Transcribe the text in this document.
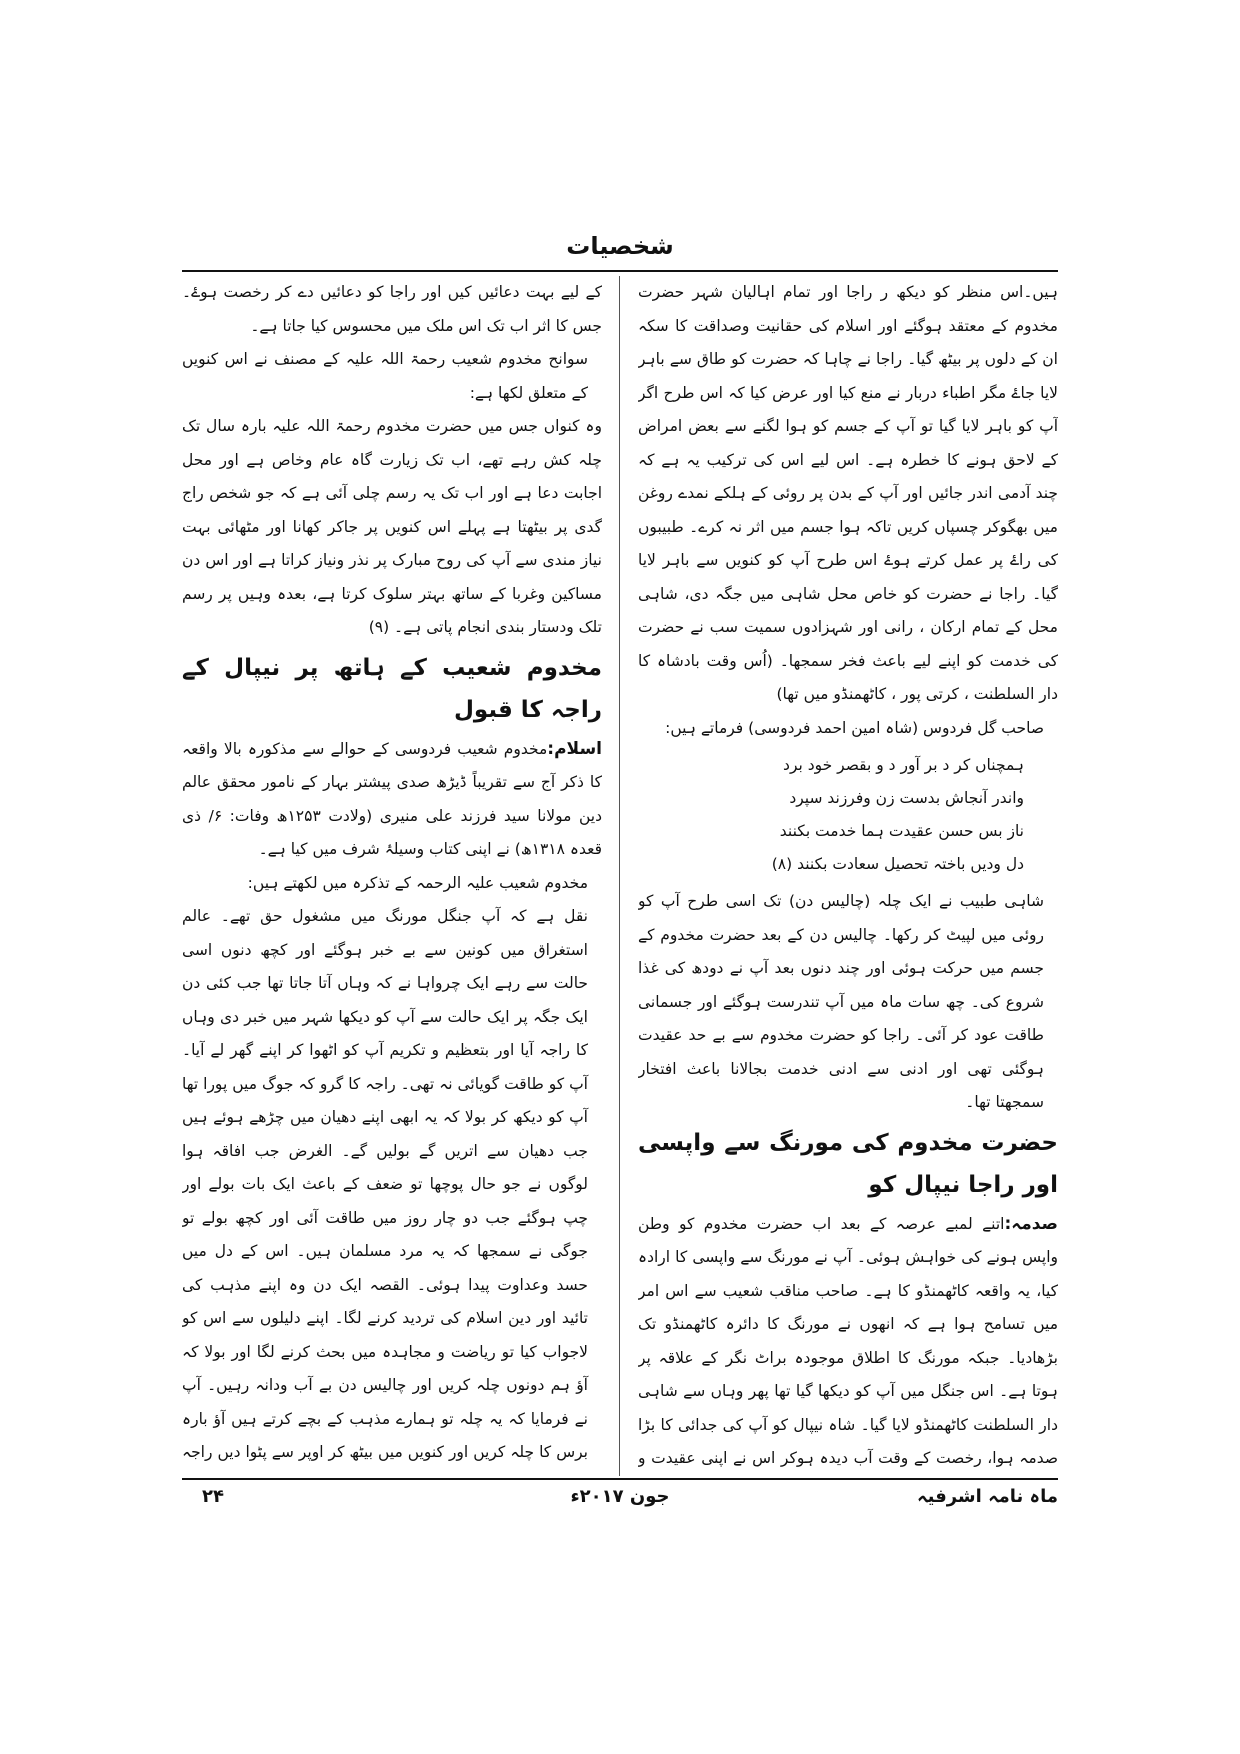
شخصیات

ہیں۔اس منظر کو دیکھ ر راجا اور تمام اہالیان شہر حضرت مخدوم کے معتقد ہوگئے اور اسلام کی حقانیت وصداقت کا سکہ ان کے دلوں پر بیٹھ گیا۔ راجا نے چاہا کہ حضرت کو طاق سے باہر لایا جاۓ مگر اطباء دربار نے منع کیا اور عرض کیا کہ اس طرح اگر آپ کو باہر لایا گیا تو آپ کے جسم کو ہوا لگنے سے بعض امراض کے لاحق ہونے کا خطرہ ہے۔ اس لیے اس کی ترکیب یہ ہے کہ چند آدمی اندر جائیں اور آپ کے بدن پر روئی کے ہلکے نمدے روغن میں بھگوکر چسپاں کریں تاکہ ہوا جسم میں اثر نہ کرے۔ طبیبوں کی راۓ پر عمل کرتے ہوۓ اس طرح آپ کو کنویں سے باہر لایا گیا۔ راجا نے حضرت کو خاص محل شاہی میں جگہ دی، شاہی محل کے تمام ارکان ، رانی اور شہزادوں سمیت سب نے حضرت کی خدمت کو اپنے لیے باعث فخر سمجھا۔ (اُس وقت بادشاہ کا دار السلطنت ، کرتی پور ، کاٹھمنڈو میں تھا)

صاحب گل فردوس (شاہ امین احمد فردوسی) فرماتے ہیں:

ہمچناں کر د بر آور د و بقصر خود برد

واندر آنجاش بدست زن وفرزند سپرد

ناز بس حسن عقیدت ہما خدمت بکنند

دل ودیں باختہ تحصیل سعادت بکنند (۸)

شاہی طبیب نے ایک چلہ (چالیس دن) تک اسی طرح آپ کو روئی میں لپیٹ کر رکھا۔ چالیس دن کے بعد حضرت مخدوم کے جسم میں حرکت ہوئی اور چند دنوں بعد آپ نے دودھ کی غذا شروع کی۔ چھ سات ماہ میں آپ تندرست ہوگئے اور جسمانی طاقت عود کر آئی۔ راجا کو حضرت مخدوم سے بے حد عقیدت ہوگئی تھی اور ادنی سے ادنی خدمت بجالانا باعث افتخار سمجھتا تھا۔

حضرت مخدوم کی مورنگ سے واپسی اور راجا نیپال کو

صدمہ:اتنے لمبے عرصہ کے بعد اب حضرت مخدوم کو وطن واپس ہونے کی خواہش ہوئی۔ آپ نے مورنگ سے واپسی کا ارادہ کیا، یہ واقعہ کاٹھمنڈو کا ہے۔ صاحب مناقب شعیب سے اس امر میں تسامح ہوا ہے کہ انھوں نے مورنگ کا دائرہ کاٹھمنڈو تک بڑھادیا۔ جبکہ مورنگ کا اطلاق موجودہ براٹ نگر کے علاقہ پر ہوتا ہے۔ اس جنگل میں آپ کو دیکھا گیا تھا پھر وہاں سے شاہی دار السلطنت کاٹھمنڈو لایا گیا۔ شاہ نیپال کو آپ کی جدائی کا بڑا صدمہ ہوا، رخصت کے وقت آب دیدہ ہوکر اس نے اپنی عقیدت و

کے لیے بہت دعائیں کیں اور راجا کو دعائیں دے کر رخصت ہوۓ۔ جس کا اثر اب تک اس ملک میں محسوس کیا جاتا ہے۔

سوانح مخدوم شعیب رحمۃ اللہ علیہ کے مصنف نے اس کنویں کے متعلق لکھا ہے:

وہ کنواں جس میں حضرت مخدوم رحمۃ اللہ علیہ بارہ سال تک چلہ کش رہے تھے، اب تک زیارت گاہ عام وخاص ہے اور محل اجابت دعا ہے اور اب تک یہ رسم چلی آئی ہے کہ جو شخص راج گدی پر بیٹھتا ہے پہلے اس کنویں پر جاکر کھانا اور مٹھائی بہت نیاز مندی سے آپ کی روح مبارک پر نذر ونیاز کراتا ہے اور اس دن مساکین وغربا کے ساتھ بہتر سلوک کرتا ہے، بعدہ وہیں پر رسم تلک ودستار بندی انجام پاتی ہے۔ (۹)

مخدوم شعیب کے ہاتھ پر نیپال کے راجہ کا قبول

اسلام:مخدوم شعیب فردوسی کے حوالے سے مذکورہ بالا واقعہ کا ذکر آج سے تقریباً ڈیڑھ صدی پیشتر بہار کے نامور محقق عالم دین مولانا سید فرزند علی منیری (ولادت ۱۲۵۳ھ وفات: ۶/ ذی قعدہ ۱۳۱۸ھ) نے اپنی کتاب وسیلۂ شرف میں کیا ہے۔

مخدوم شعیب علیہ الرحمہ کے تذکرہ میں لکھتے ہیں:

نقل ہے کہ آپ جنگل مورنگ میں مشغول حق تھے۔ عالم استغراق میں کونین سے بے خبر ہوگئے اور کچھ دنوں اسی حالت سے رہے ایک چرواہا نے کہ وہاں آتا جاتا تھا جب کئی دن ایک جگہ پر ایک حالت سے آپ کو دیکھا شہر میں خبر دی وہاں کا راجہ آیا اور بتعظیم و تکریم آپ کو اٹھوا کر اپنے گھر لے آیا۔ آپ کو طاقت گویائی نہ تھی۔ راجہ کا گرو کہ جوگ میں پورا تھا آپ کو دیکھ کر بولا کہ یہ ابھی اپنے دھیان میں چڑھے ہوئے ہیں جب دھیان سے اتریں گے بولیں گے۔ الغرض جب افاقہ ہوا لوگوں نے جو حال پوچھا تو ضعف کے باعث ایک بات بولے اور چپ ہوگئے جب دو چار روز میں طاقت آئی اور کچھ بولے تو جوگی نے سمجھا کہ یہ مرد مسلمان ہیں۔ اس کے دل میں حسد وعداوت پیدا ہوئی۔ القصہ ایک دن وہ اپنے مذہب کی تائید اور دین اسلام کی تردید کرنے لگا۔ اپنے دلیلوں سے اس کو لاجواب کیا تو ریاضت و مجاہدہ میں بحث کرنے لگا اور بولا کہ آؤ ہم دونوں چلہ کریں اور چالیس دن بے آب ودانہ رہیں۔ آپ نے فرمایا کہ یہ چلہ تو ہمارے مذہب کے بچے کرتے ہیں آؤ بارہ برس کا چلہ کریں اور کنویں میں بیٹھ کر اوپر سے پٹوا دیں راجہ

ماہ نامہ اشرفیہ
جون ۲۰۱۷ء
۲۴
